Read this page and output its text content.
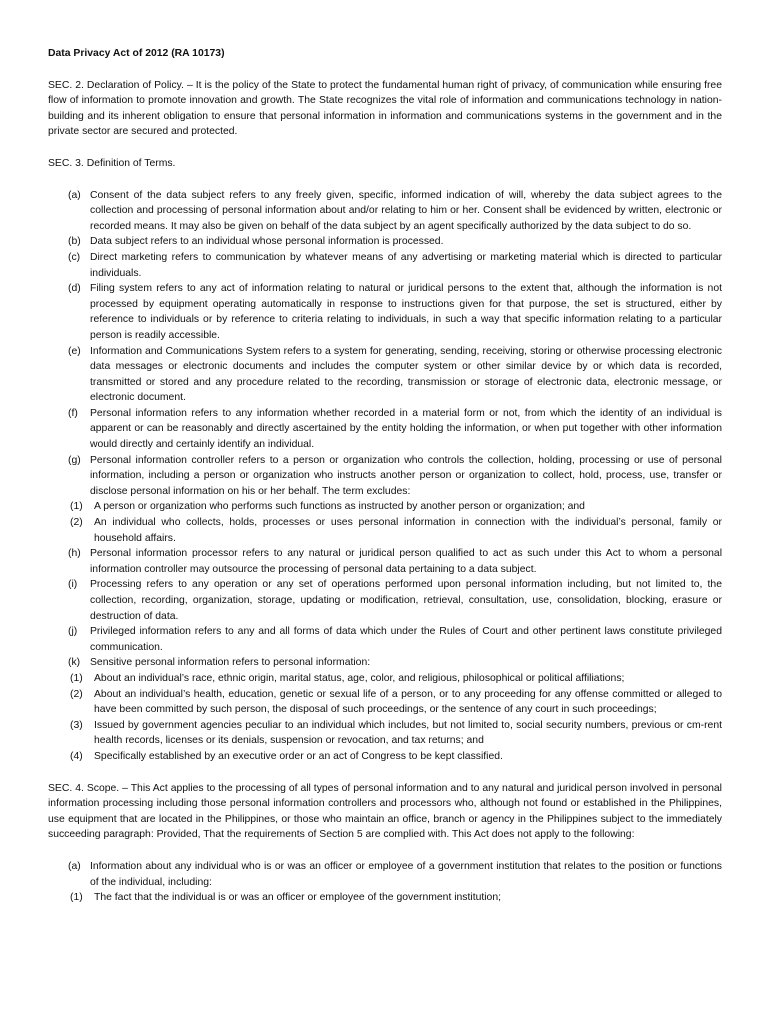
Data Privacy Act of 2012 (RA 10173)
SEC. 2. Declaration of Policy. – It is the policy of the State to protect the fundamental human right of privacy, of communication while ensuring free flow of information to promote innovation and growth. The State recognizes the vital role of information and communications technology in nation-building and its inherent obligation to ensure that personal information in information and communications systems in the government and in the private sector are secured and protected.
SEC. 3. Definition of Terms.
(a) Consent of the data subject refers to any freely given, specific, informed indication of will, whereby the data subject agrees to the collection and processing of personal information about and/or relating to him or her. Consent shall be evidenced by written, electronic or recorded means. It may also be given on behalf of the data subject by an agent specifically authorized by the data subject to do so.
(b) Data subject refers to an individual whose personal information is processed.
(c) Direct marketing refers to communication by whatever means of any advertising or marketing material which is directed to particular individuals.
(d) Filing system refers to any act of information relating to natural or juridical persons to the extent that, although the information is not processed by equipment operating automatically in response to instructions given for that purpose, the set is structured, either by reference to individuals or by reference to criteria relating to individuals, in such a way that specific information relating to a particular person is readily accessible.
(e) Information and Communications System refers to a system for generating, sending, receiving, storing or otherwise processing electronic data messages or electronic documents and includes the computer system or other similar device by or which data is recorded, transmitted or stored and any procedure related to the recording, transmission or storage of electronic data, electronic message, or electronic document.
(f)	Personal information refers to any information whether recorded in a material form or not, from which the identity of an individual is apparent or can be reasonably and directly ascertained by the entity holding the information, or when put together with other information would directly and certainly identify an individual.
(g) Personal information controller refers to a person or organization who controls the collection, holding, processing or use of personal information, including a person or organization who instructs another person or organization to collect, hold, process, use, transfer or disclose personal information on his or her behalf. The term excludes:
(1)	A person or organization who performs such functions as instructed by another person or organization; and
(2)	An individual who collects, holds, processes or uses personal information in connection with the individual’s personal, family or household affairs.
(h) Personal information processor refers to any natural or juridical person qualified to act as such under this Act to whom a personal information controller may outsource the processing of personal data pertaining to a data subject.
(i)	Processing refers to any operation or any set of operations performed upon personal information including, but not limited to, the collection, recording, organization, storage, updating or modification, retrieval, consultation, use, consolidation, blocking, erasure or destruction of data.
(j)	Privileged information refers to any and all forms of data which under the Rules of Court and other pertinent laws constitute privileged communication.
(k) Sensitive personal information refers to personal information:
(1)	About an individual’s race, ethnic origin, marital status, age, color, and religious, philosophical or political affiliations;
(2)	About an individual’s health, education, genetic or sexual life of a person, or to any proceeding for any offense committed or alleged to have been committed by such person, the disposal of such proceedings, or the sentence of any court in such proceedings;
(3)	Issued by government agencies peculiar to an individual which includes, but not limited to, social security numbers, previous or cm-rent health records, licenses or its denials, suspension or revocation, and tax returns; and
(4)	Specifically established by an executive order or an act of Congress to be kept classified.
SEC. 4. Scope. – This Act applies to the processing of all types of personal information and to any natural and juridical person involved in personal information processing including those personal information controllers and processors who, although not found or established in the Philippines, use equipment that are located in the Philippines, or those who maintain an office, branch or agency in the Philippines subject to the immediately succeeding paragraph: Provided, That the requirements of Section 5 are complied with. This Act does not apply to the following:
(a) Information about any individual who is or was an officer or employee of a government institution that relates to the position or functions of the individual, including:
(1)	The fact that the individual is or was an officer or employee of the government institution;
